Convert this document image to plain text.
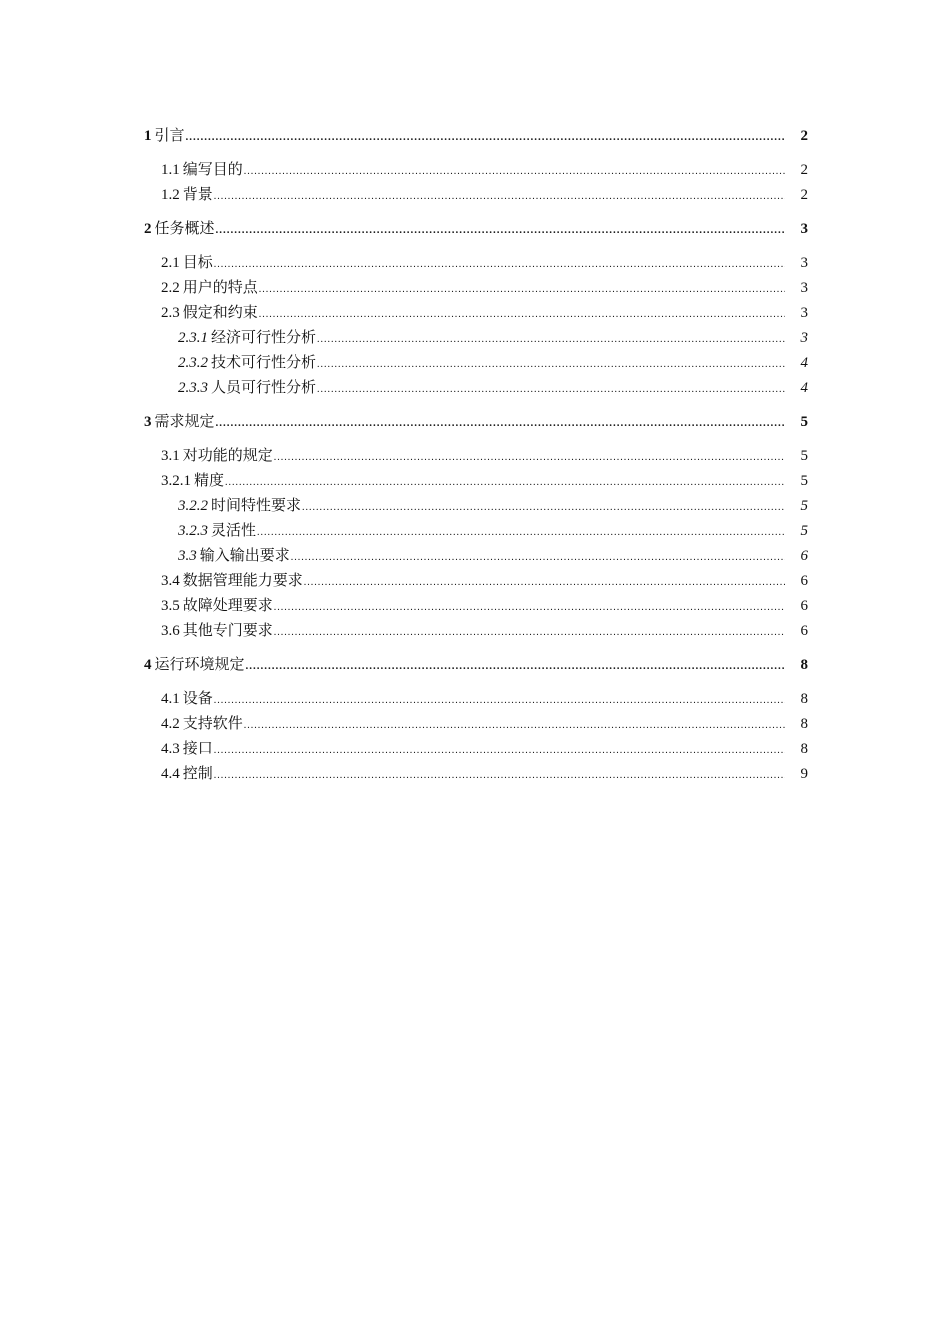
1 引言 .....	2
1.1 编写目的 .....	2
1.2 背景 .....	2
2 任务概述 .....	3
2.1 目标 .....	3
2.2 用户的特点 .....	3
2.3 假定和约束 .....	3
2.3.1 经济可行性分析 .....	3
2.3.2 技术可行性分析 .....	4
2.3.3 人员可行性分析 .....	4
3 需求规定 .....	5
3.1 对功能的规定 .....	5
3.2.1 精度 .....	5
3.2.2 时间特性要求 .....	5
3.2.3 灵活性 .....	5
3.3 输入输出要求 .....	6
3.4 数据管理能力要求 .....	6
3.5 故障处理要求 .....	6
3.6 其他专门要求 .....	6
4 运行环境规定 .....	8
4.1 设备 .....	8
4.2 支持软件 .....	8
4.3 接口 .....	8
4.4 控制 .....	9
